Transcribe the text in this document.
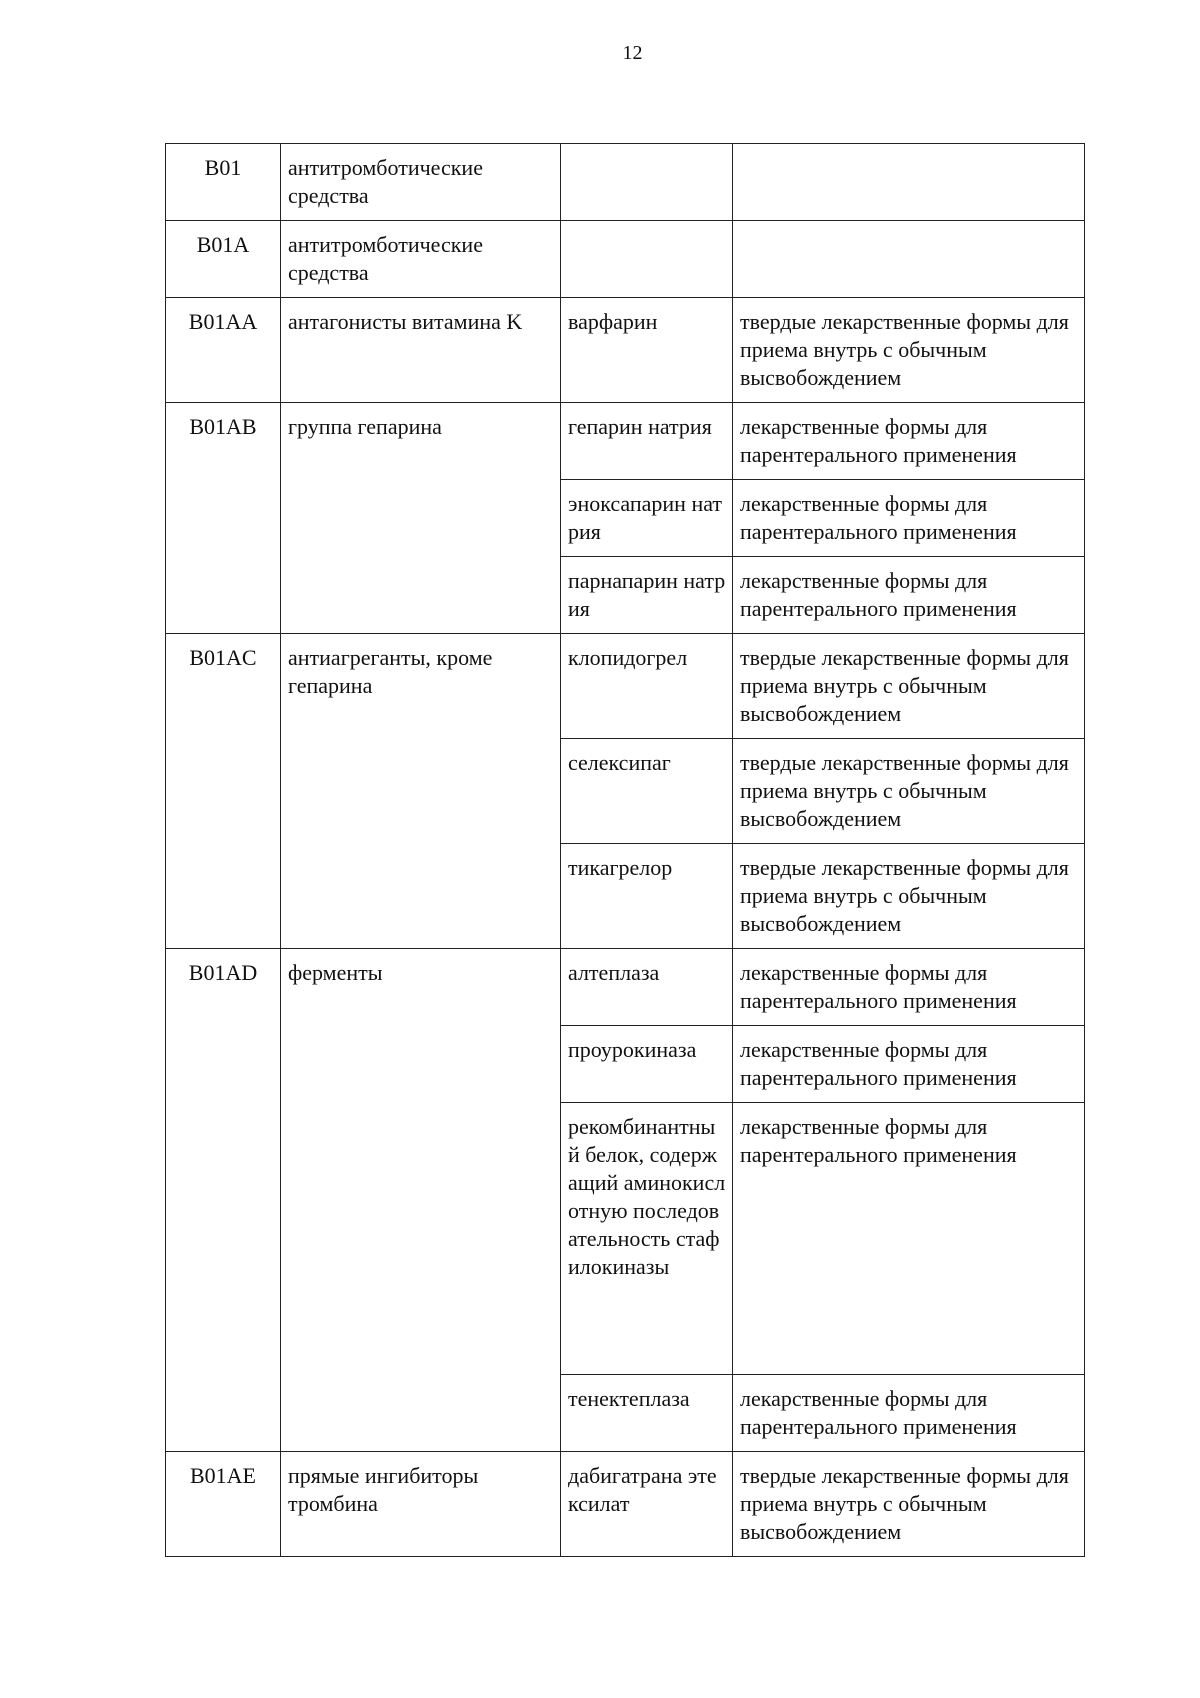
12
B01	антитромботические средства		
B01A	антитромботические средства		
B01AA	антагонисты витамина K	варфарин	твердые лекарственные формы для приема внутрь с обычным высвобождением
B01AB	группа гепарина	гепарин натрия	лекарственные формы для парентерального применения
		эноксапарин натрия	лекарственные формы для парентерального применения
		парнапарин натрия	лекарственные формы для парентерального применения
B01AC	антиагреганты, кроме гепарина	клопидогрел	твердые лекарственные формы для приема внутрь с обычным высвобождением
		селексипаг	твердые лекарственные формы для приема внутрь с обычным высвобождением
		тикагрелор	твердые лекарственные формы для приема внутрь с обычным высвобождением
B01AD	ферменты	алтеплаза	лекарственные формы для парентерального применения
		проурокиназа	лекарственные формы для парентерального применения
		рекомбинантный белок, содержащий аминокислотную последовательность стафилокиназы	лекарственные формы для парентерального применения
		тенектеплаза	лекарственные формы для парентерального применения
B01AE	прямые ингибиторы тромбина	дабигатрана этексилат	твердые лекарственные формы для приема внутрь с обычным высвобождением
